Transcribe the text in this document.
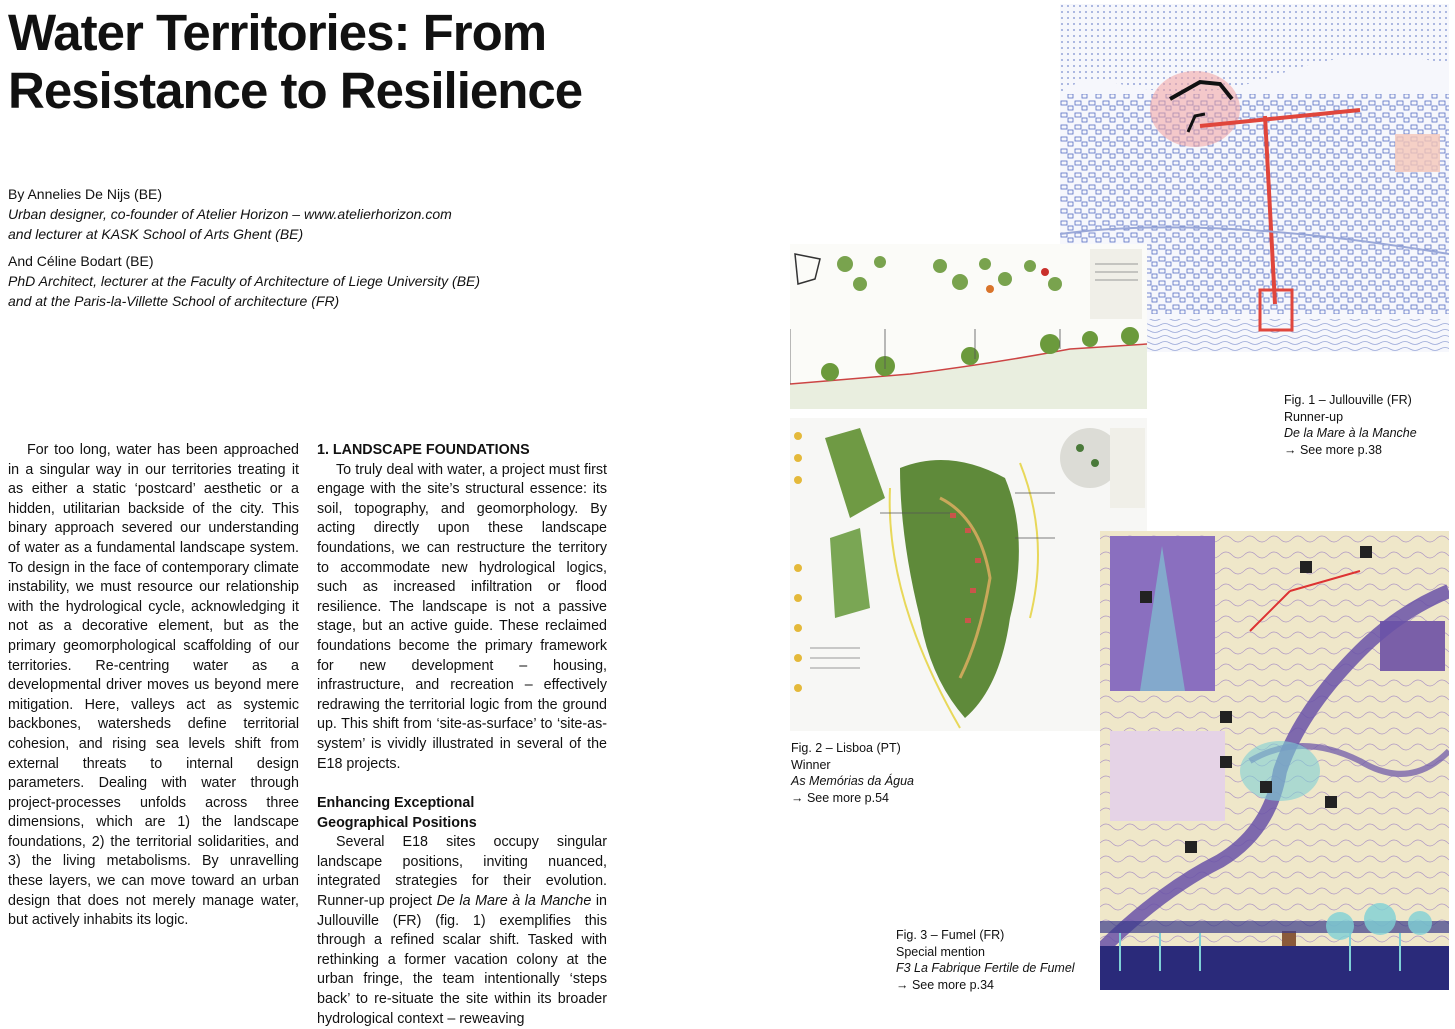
Water Territories: From
Resistance to Resilience
By Annelies De Nijs (BE)
Urban designer, co-founder of Atelier Horizon – www.atelierhorizon.com
and lecturer at KASK School of Arts Ghent (BE)
And Céline Bodart (BE)
PhD Architect, lecturer at the Faculty of Architecture of Liege University (BE)
and at the Paris-la-Villette School of architecture (FR)

For too long, water has been approached in a singular way in our territories treating it as either a static ‘postcard’ aesthetic or a hidden, utilitarian backside of the city. This binary approach severed our understanding of water as a fundamental landscape system. To design in the face of contemporary climate instability, we must resource our relationship with the hydrological cycle, acknowledging it not as a decorative element, but as the primary geomorphological scaffolding of our territories. Re-centring water as a developmental driver moves us beyond mere mitigation. Here, valleys act as systemic backbones, watersheds define territorial cohesion, and rising sea levels shift from external threats to internal design parameters. Dealing with water through project-processes unfolds across three dimensions, which are 1) the landscape foundations, 2) the territorial solidarities, and 3) the living metabolisms. By unravelling these layers, we can move toward an urban design that does not merely manage water, but actively inhabits its logic.

1. LANDSCAPE FOUNDATIONS

To truly deal with water, a project must first engage with the site’s structural essence: its soil, topography, and geomorphology. By acting directly upon these landscape foundations, we can restructure the territory to accommodate new hydrological logics, such as increased infiltration or flood resilience. The landscape is not a passive stage, but an active guide. These reclaimed foundations become the primary framework for new development – housing, infrastructure, and recreation – effectively redrawing the territorial logic from the ground up. This shift from ‘site-as-surface’ to ‘site-as-system’ is vividly illustrated in several of the E18 projects.

Enhancing Exceptional
Geographical Positions

Several E18 sites occupy singular landscape positions, inviting nuanced, integrated strategies for their evolution. Runner-up project De la Mare à la Manche in Jullouville (FR) (fig. 1) exemplifies this through a refined scalar shift. Tasked with rethinking a former vacation colony at the urban fringe, the team intentionally ‘steps back’ to re-situate the site within its broader hydrological context – reweaving

Fig. 1 – Jullouville (FR)
Runner-up
De la Mare à la Manche
→ See more p.38
Fig. 2 – Lisboa (PT)
Winner
As Memórias da Água
→ See more p.54
Fig. 3 – Fumel (FR)
Special mention
F3 La Fabrique Fertile de Fumel
→ See more p.34
